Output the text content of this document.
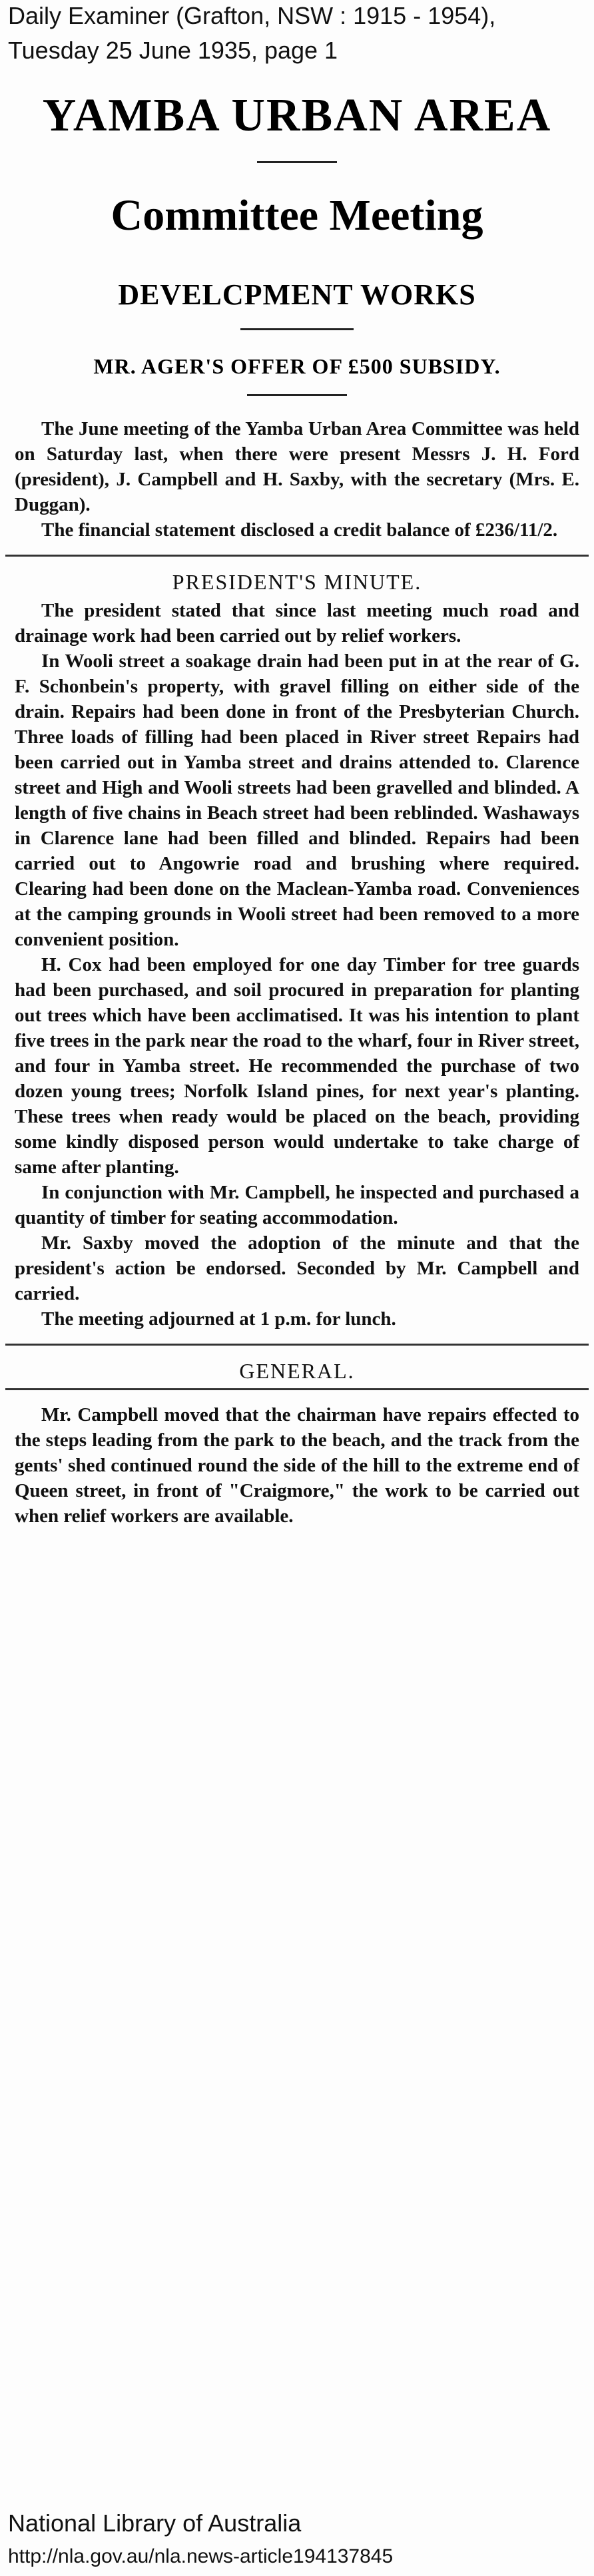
Daily Examiner (Grafton, NSW : 1915 - 1954),
Tuesday 25 June 1935, page 1
YAMBA URBAN AREA
Committee Meeting
DEVELCPMENT WORKS
MR. AGER'S OFFER OF £500 SUBSIDY.

The June meeting of the Yamba Urban Area Committee was held on Saturday last, when there were present Messrs J. H. Ford (president), J. Campbell and H. Saxby, with the secretary (Mrs. E. Duggan).

The financial statement disclosed a credit balance of £236/11/2.

PRESIDENT'S MINUTE.

The president stated that since last meeting much road and drainage work had been carried out by relief workers.

In Wooli street a soakage drain had been put in at the rear of G. F. Schonbein's property, with gravel filling on either side of the drain. Repairs had been done in front of the Presbyterian Church. Three loads of filling had been placed in River street Repairs had been carried out in Yamba street and drains attended to. Clarence street and High and Wooli streets had been gravelled and blinded. A length of five chains in Beach street had been reblinded. Washaways in Clarence lane had been filled and blinded. Repairs had been carried out to Angowrie road and brushing where required. Clearing had been done on the Maclean-Yamba road. Conveniences at the camping grounds in Wooli street had been removed to a more convenient position.

H. Cox had been employed for one day Timber for tree guards had been purchased, and soil procured in preparation for planting out trees which have been acclimatised. It was his intention to plant five trees in the park near the road to the wharf, four in River street, and four in Yamba street. He recommended the purchase of two dozen young trees; Norfolk Island pines, for next year's planting. These trees when ready would be placed on the beach, providing some kindly disposed person would undertake to take charge of same after planting.

In conjunction with Mr. Campbell, he inspected and purchased a quantity of timber for seating accommodation.

Mr. Saxby moved the adoption of the minute and that the president's action be endorsed. Seconded by Mr. Campbell and carried.

The meeting adjourned at 1 p.m. for lunch.

GENERAL.

Mr. Campbell moved that the chairman have repairs effected to the steps leading from the park to the beach, and the track from the gents' shed continued round the side of the hill to the extreme end of Queen street, in front of "Craigmore," the work to be carried out when relief workers are available.

National Library of Australia
http://nla.gov.au/nla.news-article194137845
